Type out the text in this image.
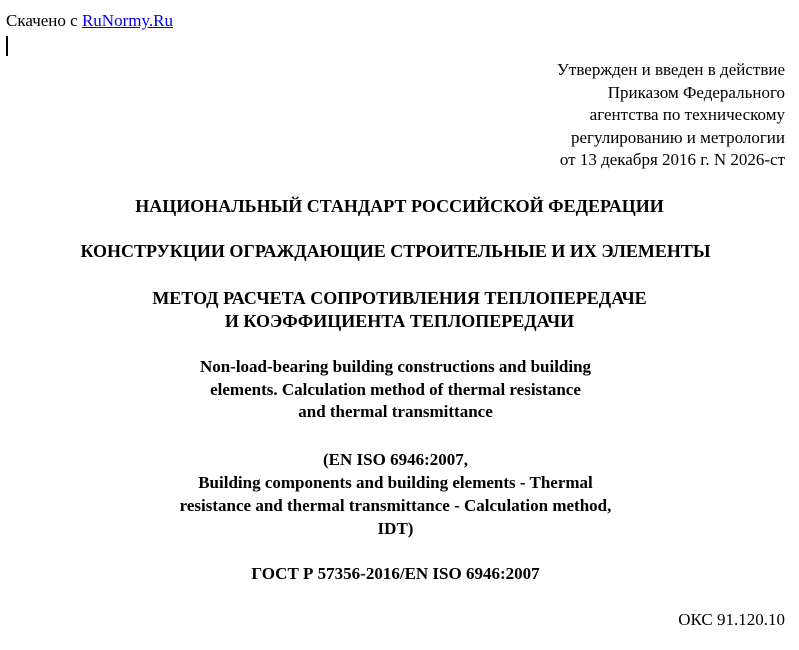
Скачено с RuNormy.Ru
Утвержден и введен в действие
Приказом Федерального
агентства по техническому
регулированию и метрологии
от 13 декабря 2016 г. N 2026-ст
НАЦИОНАЛЬНЫЙ СТАНДАРТ РОССИЙСКОЙ ФЕДЕРАЦИИ
КОНСТРУКЦИИ ОГРАЖДАЮЩИЕ СТРОИТЕЛЬНЫЕ И ИХ ЭЛЕМЕНТЫ
МЕТОД РАСЧЕТА СОПРОТИВЛЕНИЯ ТЕПЛОПЕРЕДАЧЕ
И КОЭФФИЦИЕНТА ТЕПЛОПЕРЕДАЧИ
Non-load-bearing building constructions and building
elements. Calculation method of thermal resistance
and thermal transmittance
(EN ISO 6946:2007,
Building components and building elements - Thermal
resistance and thermal transmittance - Calculation method,
IDT)
ГОСТ Р 57356-2016/EN ISO 6946:2007
ОКС 91.120.10
